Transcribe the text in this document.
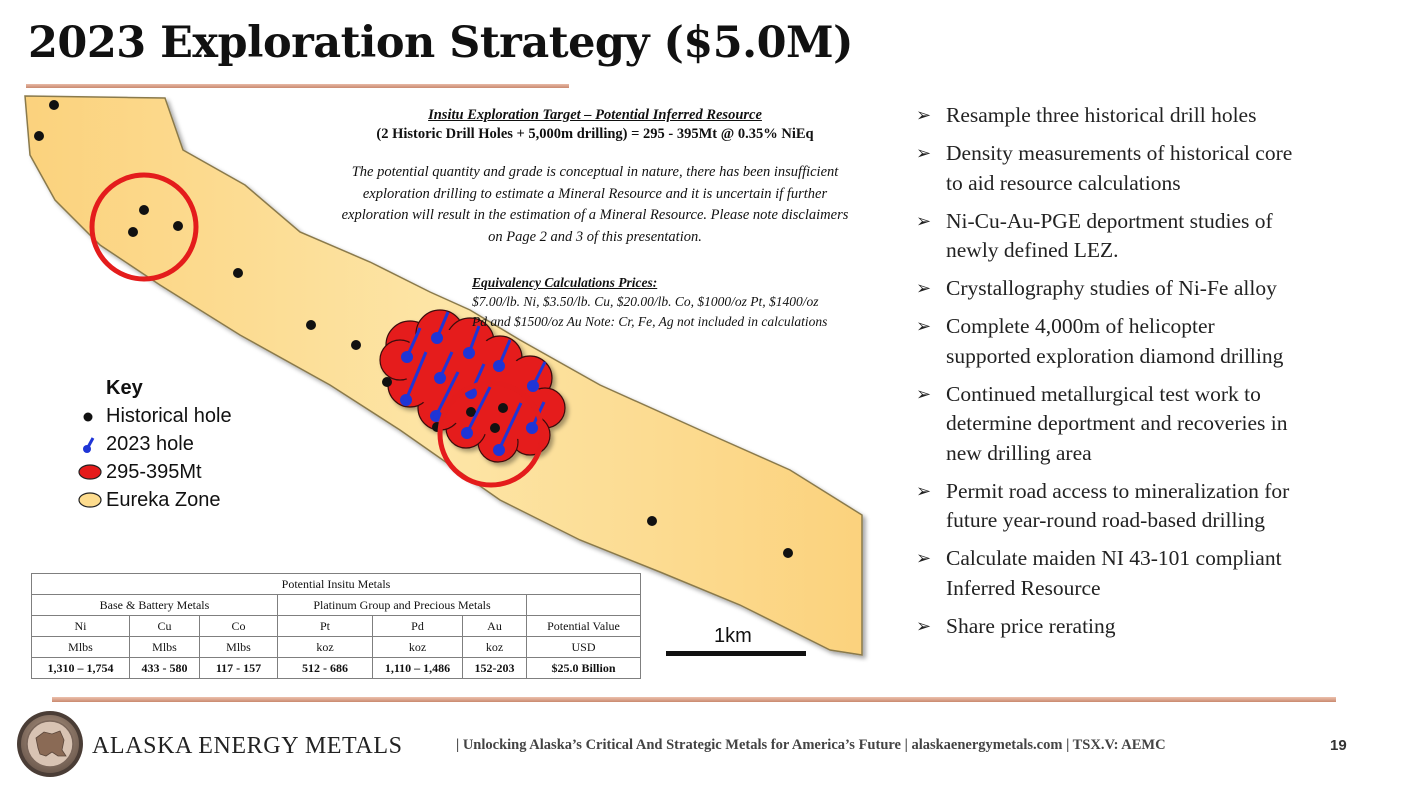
2023 Exploration Strategy ($5.0M)
Insitu Exploration Target – Potential Inferred Resource
(2 Historic Drill Holes + 5,000m drilling) = 295 - 395Mt @ 0.35% NiEq
The potential quantity and grade is conceptual in nature, there has been insufficient
exploration drilling to estimate a Mineral Resource and it is uncertain if further
exploration will result in the estimation of a Mineral Resource. Please note disclaimers
on Page 2 and 3 of this presentation.
Equivalency Calculations Prices:
$7.00/lb. Ni, $3.50/lb. Cu, $20.00/lb. Co, $1000/oz Pt, $1400/oz
Pd and $1500/oz Au Note: Cr, Fe, Ag not included in calculations
Key
Historical hole
2023 hole
295-395Mt
Eureka Zone
Potential Insitu Metals						
Base & Battery Metals			Platinum Group and Precious Metals			
Ni	Cu	Co	Pt	Pd	Au	Potential Value
Mlbs	Mlbs	Mlbs	koz	koz	koz	USD
1,310 – 1,754	433 - 580	117 - 157	512 - 686	1,110 – 1,486	152-203	$25.0 Billion
1km
➢ Resample three historical drill holes
➢ Density measurements of historical core
to aid resource calculations
➢ Ni-Cu-Au-PGE deportment studies of
newly defined LEZ.
➢ Crystallography studies of Ni-Fe alloy
➢ Complete 4,000m of helicopter
supported exploration diamond drilling
➢ Continued metallurgical test work to
determine deportment and recoveries in
new drilling area
➢ Permit road access to mineralization for
future year-round road-based drilling
➢ Calculate maiden NI 43-101 compliant
Inferred Resource
➢ Share price rerating
ALASKA ENERGY METALS	| Unlocking Alaska’s Critical And Strategic Metals for America’s Future | alaskaenergymetals.com | TSX.V: AEMC	19
